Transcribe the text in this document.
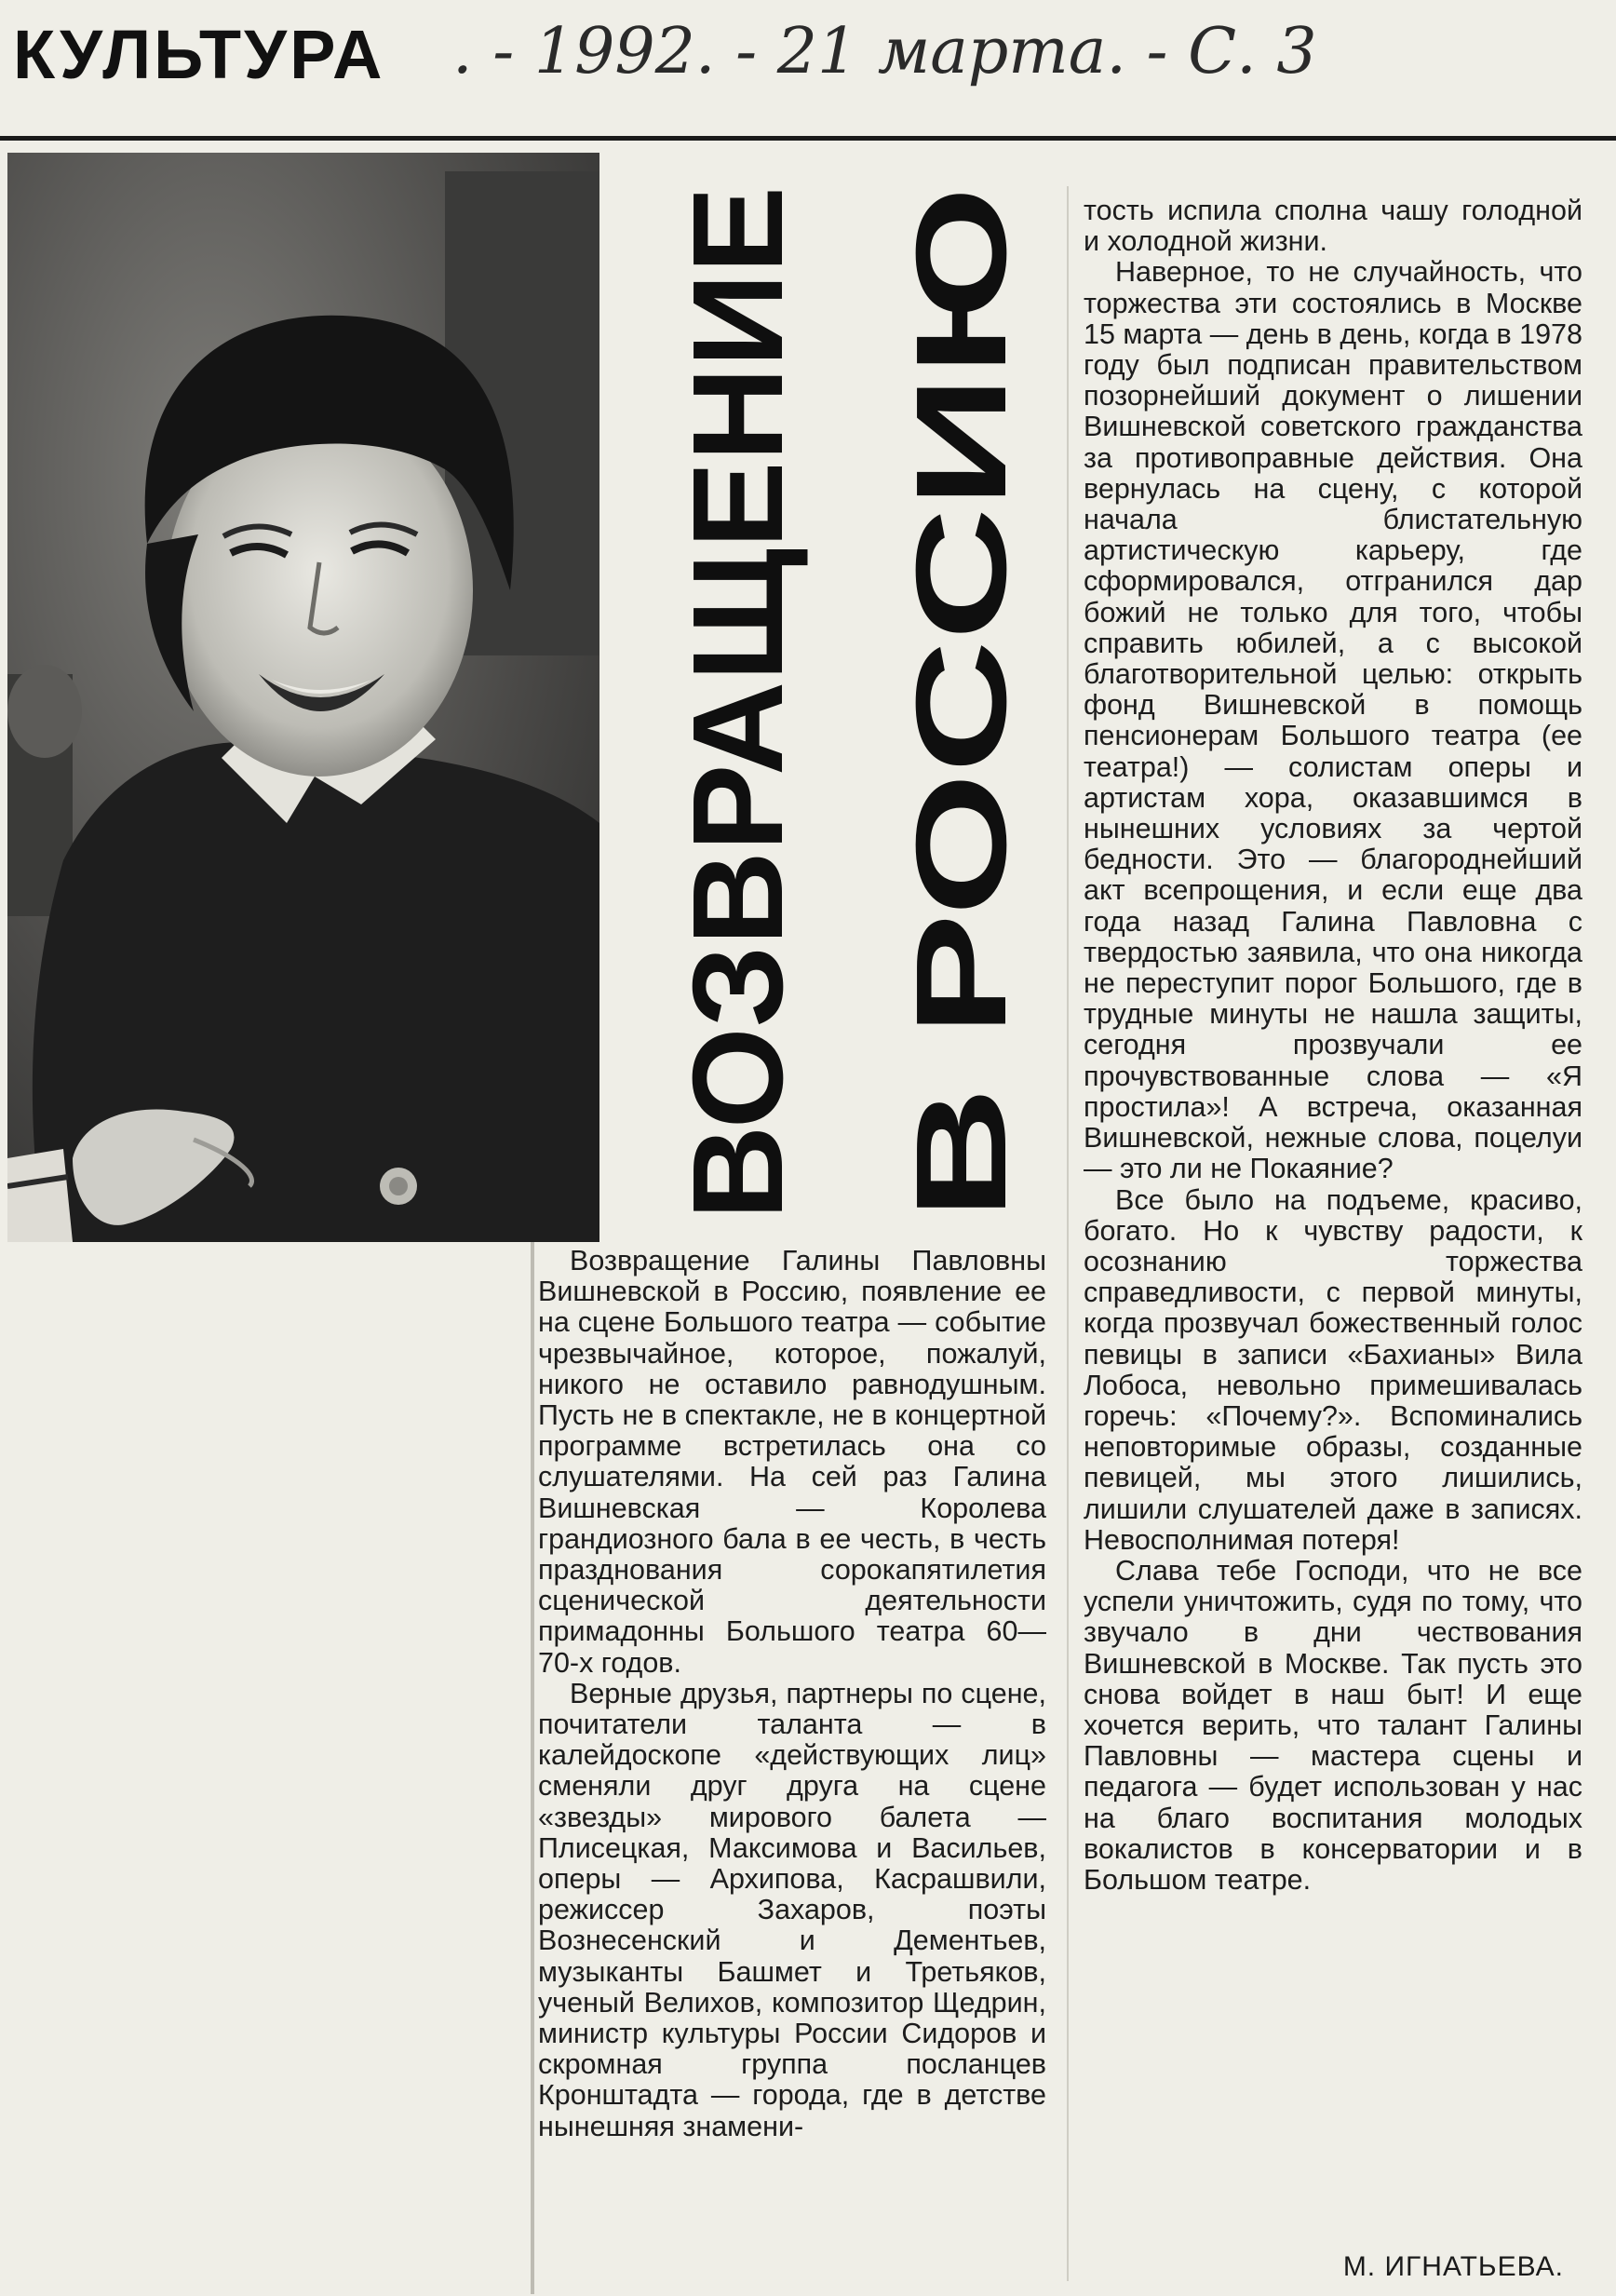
КУЛЬТУРА . - 1992. - 21 марта. - С. 3
ВОЗВРАЩЕНИЕ В РОССИЮ

Возвращение Галины Павловны Вишневской в Россию, появление ее на сцене Большого театра — событие чрезвычайное, которое, пожалуй, никого не оставило равнодушным. Пусть не в спектакле, не в концертной программе встретилась она со слушателями. На сей раз Галина Вишневская — Королева грандиозного бала в ее честь, в честь празднования сорокапятилетия сценической деятельности примадонны Большого театра 60—70-х годов.

Верные друзья, партнеры по сцене, почитатели таланта — в калейдоскопе «действующих лиц» сменяли друг друга на сцене «звезды» мирового балета — Плисецкая, Максимова и Васильев, оперы — Архипова, Касрашвили, режиссер Захаров, поэты Вознесенский и Дементьев, музыканты Башмет и Третьяков, ученый Велихов, композитор Щедрин, министр культуры России Сидоров и скромная группа посланцев Кронштадта — города, где в детстве нынешняя знамени-

тость испила сполна чашу голодной и холодной жизни.

Наверное, то не случайность, что торжества эти состоялись в Москве 15 марта — день в день, когда в 1978 году был подписан правительством позорнейший документ о лишении Вишневской советского гражданства за противоправные действия. Она вернулась на сцену, с которой начала блистательную артистическую карьеру, где сформировался, отгранился дар божий не только для того, чтобы справить юбилей, а с высокой благотворительной целью: открыть фонд Вишневской в помощь пенсионерам Большого театра (ее театра!) — солистам оперы и артистам хора, оказавшимся в нынешних условиях за чертой бедности. Это — благороднейший акт всепрощения, и если еще два года назад Галина Павловна с твердостью заявила, что она никогда не переступит порог Большого, где в трудные минуты не нашла защиты, сегодня прозвучали ее прочувствованные слова — «Я простила»! А встреча, оказанная Вишневской, нежные слова, поцелуи — это ли не Покаяние?

Все было на подъеме, красиво, богато. Но к чувству радости, к осознанию торжества справедливости, с первой минуты, когда прозвучал божественный голос певицы в записи «Бахианы» Вила Лобоса, невольно примешивалась горечь: «Почему?». Вспоминались неповторимые образы, созданные певицей, мы этого лишились, лишили слушателей даже в записях. Невосполнимая потеря!

Слава тебе Господи, что не все успели уничтожить, судя по тому, что звучало в дни чествования Вишневской в Москве. Так пусть это снова войдет в наш быт! И еще хочется верить, что талант Галины Павловны — мастера сцены и педагога — будет использован у нас на благо воспитания молодых вокалистов в консерватории и в Большом театре.

М. ИГНАТЬЕВА.
